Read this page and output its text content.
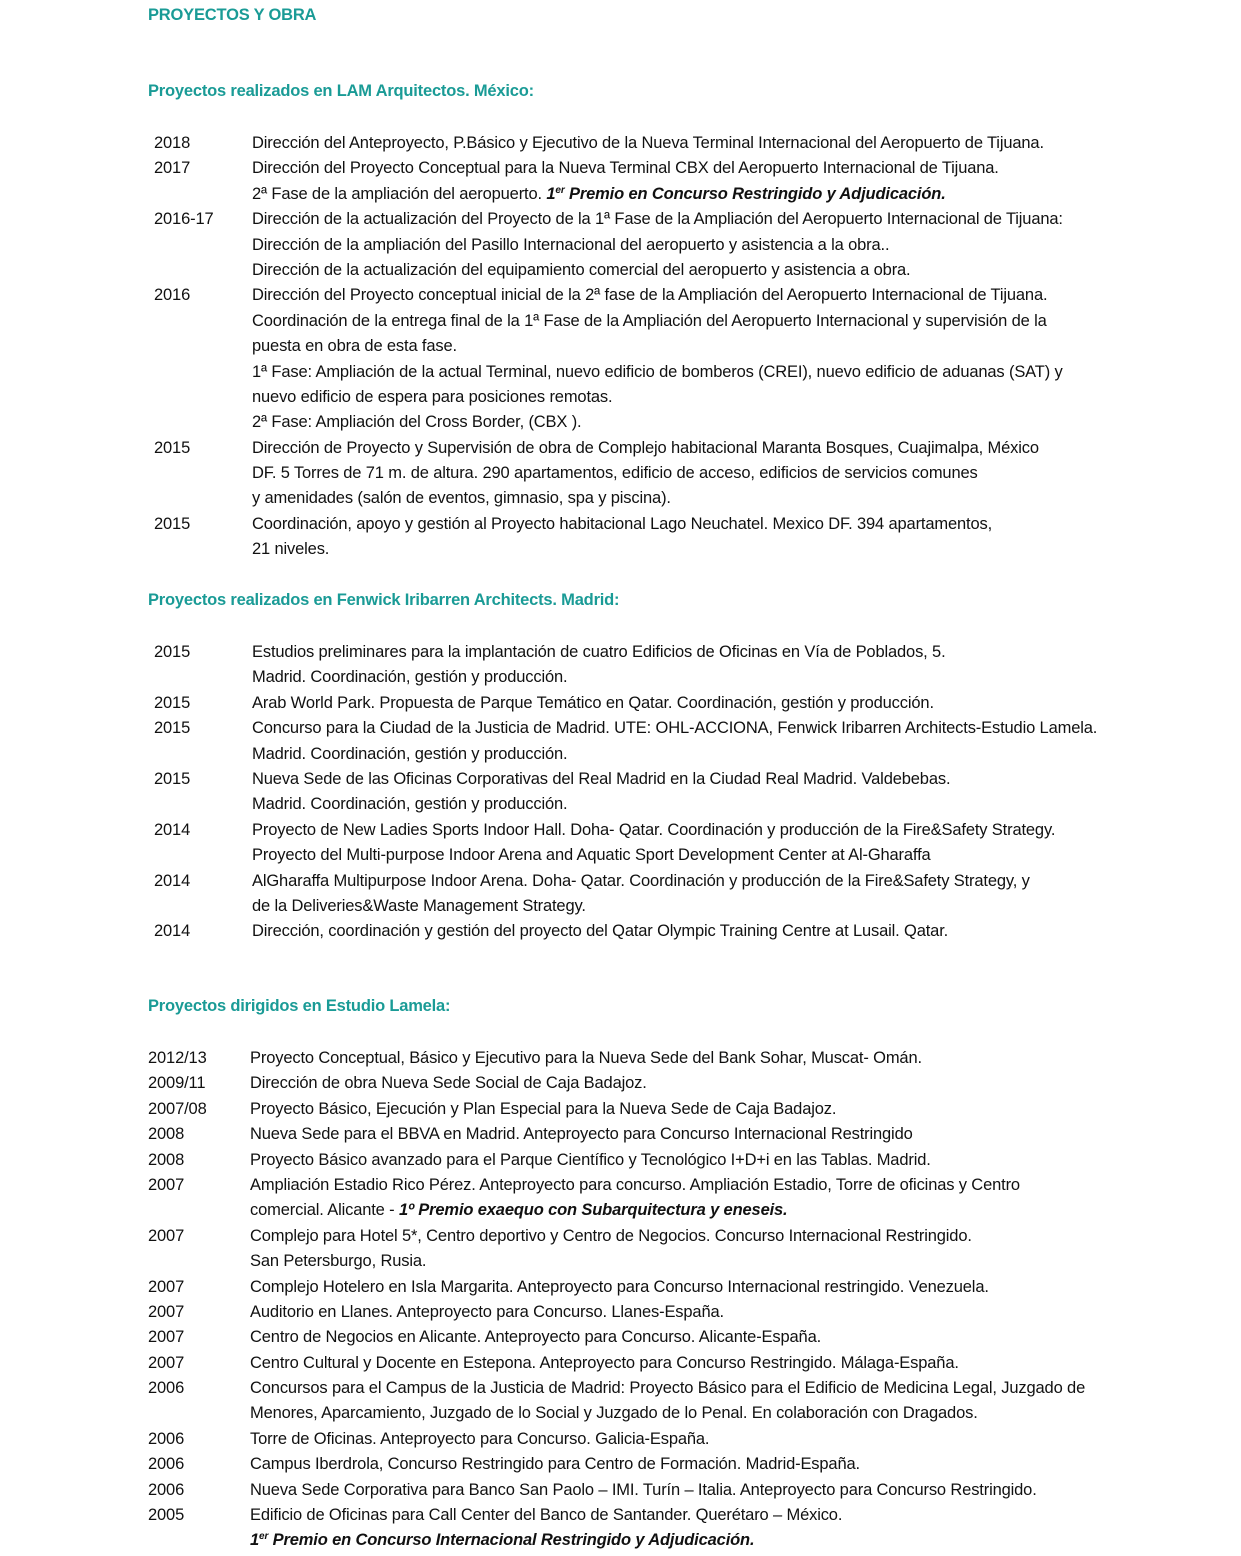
PROYECTOS Y OBRA
Proyectos realizados en LAM Arquitectos. México:
2018	Dirección del Anteproyecto, P.Básico y Ejecutivo de la Nueva Terminal Internacional del Aeropuerto de Tijuana.
2017	Dirección del Proyecto Conceptual para la Nueva Terminal CBX del Aeropuerto Internacional de Tijuana.
2ª Fase de la ampliación del aeropuerto. 1er Premio en Concurso Restringido y Adjudicación.
2016-17 Dirección de la actualización del Proyecto de la 1ª Fase de la Ampliación del Aeropuerto Internacional de Tijuana:
Dirección de la ampliación del Pasillo Internacional del aeropuerto y asistencia a la obra..
Dirección de la actualización del equipamiento comercial del aeropuerto y asistencia a obra.
2016	Dirección del Proyecto conceptual inicial de la 2ª fase de la Ampliación del Aeropuerto Internacional de Tijuana.
Coordinación de la entrega final de la 1ª Fase de la Ampliación del Aeropuerto Internacional y supervisión de la
puesta en obra de esta fase.
1ª Fase: Ampliación de la actual Terminal, nuevo edificio de bomberos (CREI), nuevo edificio de aduanas (SAT) y
nuevo edificio de espera para posiciones remotas.
2ª Fase: Ampliación del Cross Border, (CBX ).
2015	Dirección de Proyecto y Supervisión de obra de Complejo habitacional Maranta Bosques, Cuajimalpa, México
DF. 5 Torres de 71 m. de altura. 290 apartamentos, edificio de acceso, edificios de servicios comunes
y amenidades (salón de eventos, gimnasio, spa y piscina).
2015	Coordinación, apoyo y gestión al Proyecto habitacional Lago Neuchatel. Mexico DF. 394 apartamentos,
21 niveles.
Proyectos realizados en Fenwick Iribarren Architects. Madrid:
2015	Estudios preliminares para la implantación de cuatro Edificios de Oficinas en Vía de Poblados, 5.
Madrid. Coordinación, gestión y producción.
2015	Arab World Park. Propuesta de Parque Temático en Qatar. Coordinación, gestión y producción.
2015	Concurso para la Ciudad de la Justicia de Madrid. UTE: OHL-ACCIONA, Fenwick Iribarren Architects-Estudio Lamela.
Madrid. Coordinación, gestión y producción.
2015	Nueva Sede de las Oficinas Corporativas del Real Madrid en la Ciudad Real Madrid. Valdebebas.
Madrid. Coordinación, gestión y producción.
2014	Proyecto de New Ladies Sports Indoor Hall. Doha- Qatar. Coordinación y producción de la Fire&Safety Strategy.
Proyecto del Multi-purpose Indoor Arena and Aquatic Sport Development Center at Al-Gharaffa
2014	AlGharaffa Multipurpose Indoor Arena. Doha- Qatar. Coordinación y producción de la Fire&Safety Strategy, y
de la Deliveries&Waste Management Strategy.
2014	Dirección, coordinación y gestión del proyecto del Qatar Olympic Training Centre at Lusail. Qatar.
Proyectos dirigidos en Estudio Lamela:
2012/13	Proyecto Conceptual, Básico y Ejecutivo para la Nueva Sede del Bank Sohar, Muscat- Omán.
2009/11	Dirección de obra Nueva Sede Social de Caja Badajoz.
2007/08	Proyecto Básico, Ejecución y Plan Especial para la Nueva Sede de Caja Badajoz.
2008	Nueva Sede para el BBVA en Madrid. Anteproyecto para Concurso Internacional Restringido
2008	Proyecto Básico avanzado para el Parque Científico y Tecnológico I+D+i en las Tablas. Madrid.
2007	Ampliación Estadio Rico Pérez. Anteproyecto para concurso. Ampliación Estadio, Torre de oficinas y Centro
comercial. Alicante - 1º Premio exaequo con Subarquitectura y eneseis.
2007	Complejo para Hotel 5*, Centro deportivo y Centro de Negocios. Concurso Internacional Restringido.
San Petersburgo, Rusia.
2007	Complejo Hotelero en Isla Margarita. Anteproyecto para Concurso Internacional restringido. Venezuela.
2007	Auditorio en Llanes. Anteproyecto para Concurso. Llanes-España.
2007	Centro de Negocios en Alicante. Anteproyecto para Concurso. Alicante-España.
2007	Centro Cultural y Docente en Estepona. Anteproyecto para Concurso Restringido. Málaga-España.
2006	Concursos para el Campus de la Justicia de Madrid: Proyecto Básico para el Edificio de Medicina Legal, Juzgado de
Menores, Aparcamiento, Juzgado de lo Social y Juzgado de lo Penal. En colaboración con Dragados.
2006	Torre de Oficinas. Anteproyecto para Concurso. Galicia-España.
2006	Campus Iberdrola, Concurso Restringido para Centro de Formación. Madrid-España.
2006	Nueva Sede Corporativa para Banco San Paolo – IMI. Turín – Italia. Anteproyecto para Concurso Restringido.
2005	Edificio de Oficinas para Call Center del Banco de Santander. Querétaro – México.
1er Premio en Concurso Internacional Restringido y Adjudicación.
